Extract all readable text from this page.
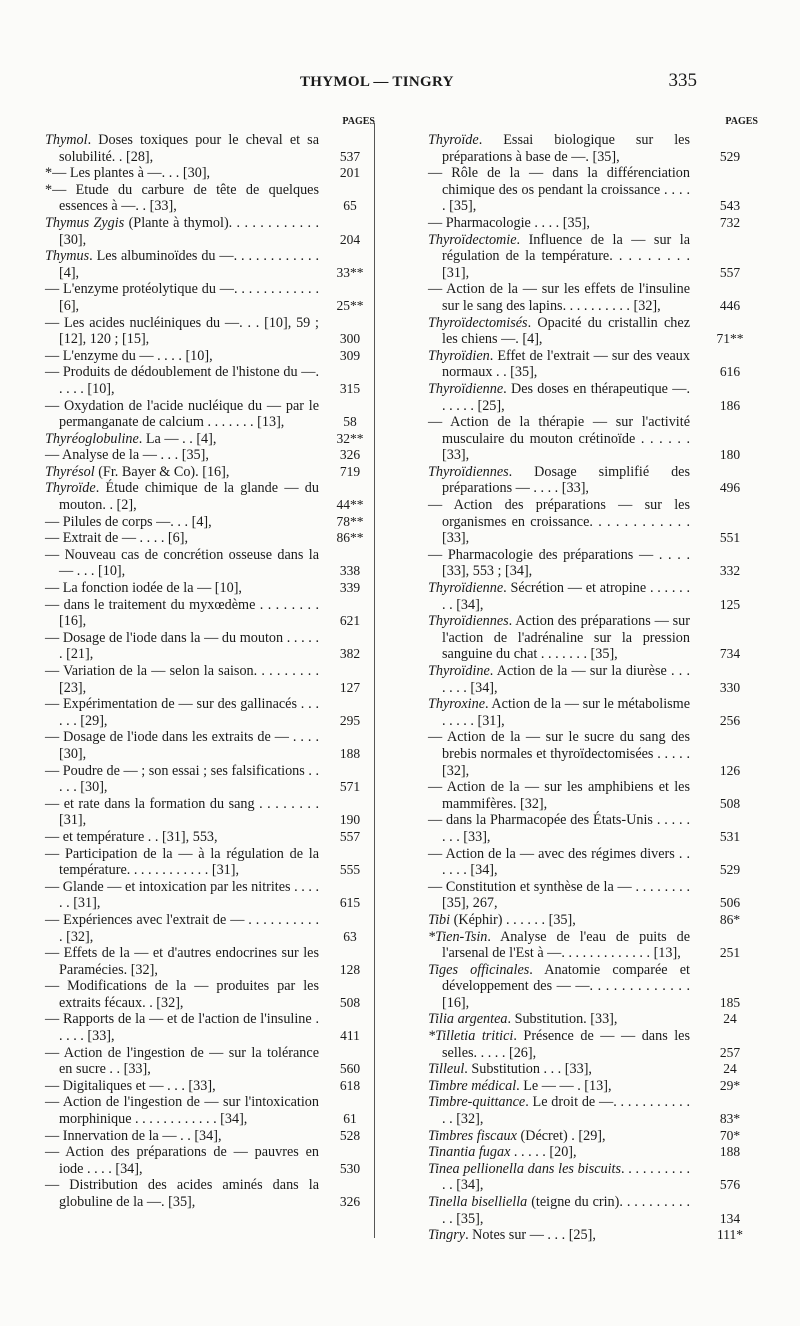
THYMOL — TINGRY	335
PAGES
Thymol. Doses toxiques pour le cheval et sa solubilité. . [28],	537
*— Les plantes à —. . . [30],	201
*— Etude du carbure de tête de quelques essences à —. . [33],	65
Thymus Zygis (Plante à thymol). . . . . . . . . . . . [30],	204
Thymus. Les albuminoïdes du —. . . . . . . . . . . . [4],	33**
— L'enzyme protéolytique du —. . . . . . . . . . . . [6],	25**
— Les acides nucléiniques du —. . . [10], 59 ; [12], 120 ; [15],	300
— L'enzyme du — . . . . [10],	309
— Produits de dédoublement de l'histone du —. . . . . [10],	315
— Oxydation de l'acide nucléique du — par le permanganate de calcium . . . . . . . [13],	58
Thyréoglobuline. La — . . [4],	32**
— Analyse de la — . . . [35],	326
Thyrésol (Fr. Bayer & Co). [16],	719
Thyroïde. Étude chimique de la glande — du mouton. . [2],	44**
— Pilules de corps —. . . [4],	78**
— Extrait de — . . . . [6],	86**
— Nouveau cas de concrétion osseuse dans la — . . . [10],	338
— La fonction iodée de la — [10],	339
— dans le traitement du myxœdème . . . . . . . . [16],	621
— Dosage de l'iode dans la — du mouton . . . . . . [21],	382
— Variation de la — selon la saison. . . . . . . . . [23],	127
— Expérimentation de — sur des gallinacés . . . . . . [29],	295
— Dosage de l'iode dans les extraits de — . . . . [30],	188
— Poudre de — ; son essai ; ses falsifications . . . . . [30],	571
— et rate dans la formation du sang . . . . . . . . [31],	190
— et température . . [31], 553,	557
— Participation de la — à la régulation de la température. . . . . . . . . . . . [31],	555
— Glande — et intoxication par les nitrites . . . . . . [31],	615
— Expériences avec l'extrait de — . . . . . . . . . . . [32],	63
— Effets de la — et d'autres endocrines sur les Paramécies. [32],	128
— Modifications de la — produites par les extraits fécaux. . [32],	508
— Rapports de la — et de l'action de l'insuline . . . . . [33],	411
— Action de l'ingestion de — sur la tolérance en sucre . . [33],	560
— Digitaliques et — . . . [33],	618
— Action de l'ingestion de — sur l'intoxication morphinique . . . . . . . . . . . . [34],	61
— Innervation de la — . . [34],	528
— Action des préparations de — pauvres en iode . . . . [34],	530
— Distribution des acides aminés dans la globuline de la —. [35],	326
PAGES
Thyroïde. Essai biologique sur les préparations à base de —. [35],	529
— Rôle de la — dans la différenciation chimique des os pendant la croissance . . . . . [35],	543
— Pharmacologie . . . . [35],	732
Thyroïdectomie. Influence de la — sur la régulation de la température. . . . . . . . . [31],	557
— Action de la — sur les effets de l'insuline sur le sang des lapins. . . . . . . . . . [32],	446
Thyroïdectomisés. Opacité du cristallin chez les chiens —. [4],	71**
Thyroïdien. Effet de l'extrait — sur des veaux normaux . . [35],	616
Thyroïdienne. Des doses en thérapeutique —. . . . . . [25],	186
— Action de la thérapie — sur l'activité musculaire du mouton crétinoïde . . . . . . [33],	180
Thyroïdiennes. Dosage simplifié des préparations — . . . . [33],	496
— Action des préparations — sur les organismes en croissance. . . . . . . . . . . . [33],	551
— Pharmacologie des préparations — . . . . [33], 553 ; [34],	332
Thyroïdienne. Sécrétion — et atropine . . . . . . . . [34],	125
Thyroïdiennes. Action des préparations — sur l'action de l'adrénaline sur la pression sanguine du chat . . . . . . . [35],	734
Thyroïdine. Action de la — sur la diurèse . . . . . . . [34],	330
Thyroxine. Action de la — sur le métabolisme . . . . . [31],	256
— Action de la — sur le sucre du sang des brebis normales et thyroïdectomisées . . . . . [32],	126
— Action de la — sur les amphibiens et les mammifères. [32],	508
— dans la Pharmacopée des États-Unis . . . . . . . . [33],	531
— Action de la — avec des régimes divers . . . . . . [34],	529
— Constitution et synthèse de la — . . . . . . . . [35], 267,	506
Tibi (Képhir) . . . . . . [35],	86*
*Tien-Tsin. Analyse de l'eau de puits de l'arsenal de l'Est à —. . . . . . . . . . . . . [13],	251
Tiges officinales. Anatomie comparée et développement des — —. . . . . . . . . . . . . [16],	185
Tilia argentea. Substitution. [33],	24
*Tilletia tritici. Présence de — — dans les selles. . . . . [26],	257
Tilleul. Substitution . . . [33],	24
Timbre médical. Le — — . [13],	29*
Timbre-quittance. Le droit de —. . . . . . . . . . . . . [32],	83*
Timbres fiscaux (Décret) . [29],	70*
Tinantia fugax . . . . . [20],	188
Tinea pellionella dans les biscuits. . . . . . . . . . . . [34],	576
Tinella biselliella (teigne du crin). . . . . . . . . . . . [35],	134
Tingry. Notes sur — . . . [25],	111*
